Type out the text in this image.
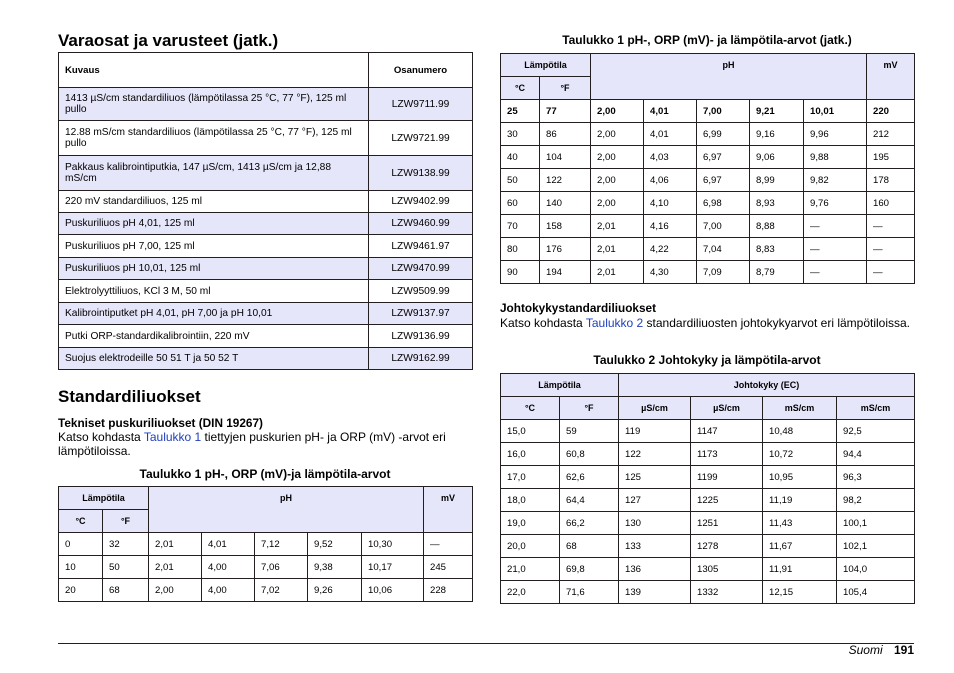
Varaosat ja varusteet (jatk.)
Kuvaus	Osanumero
1413 µS/cm standardiliuos (lämpötilassa 25 °C, 77 °F), 125 ml pullo	LZW9711.99
12.88 mS/cm standardiliuos (lämpötilassa 25 °C, 77 °F), 125 ml pullo	LZW9721.99
Pakkaus kalibrointiputkia, 147 µS/cm, 1413 µS/cm ja 12,88 mS/cm	LZW9138.99
220 mV standardiliuos, 125 ml	LZW9402.99
Puskuriliuos pH 4,01, 125 ml	LZW9460.99
Puskuriliuos pH 7,00, 125 ml	LZW9461.97
Puskuriliuos pH 10,01, 125 ml	LZW9470.99
Elektrolyyttiliuos, KCl 3 M, 50 ml	LZW9509.99
Kalibrointiputket pH 4,01, pH 7,00 ja pH 10,01	LZW9137.97
Putki ORP-standardikalibrointiin, 220 mV	LZW9136.99
Suojus elektrodeille 50 51 T ja 50 52 T	LZW9162.99
Standardiliuokset
Tekniset puskuriliuokset (DIN 19267)
Katso kohdasta Taulukko 1 tiettyjen puskurien pH- ja ORP (mV) -arvot eri lämpötiloissa.
Taulukko 1 pH-, ORP (mV)-ja lämpötila-arvot
Lämpötila		pH					mV
°C	°F						
0	32	2,01	4,01	7,12	9,52	10,30	—
10	50	2,01	4,00	7,06	9,38	10,17	245
20	68	2,00	4,00	7,02	9,26	10,06	228
Taulukko 1 pH-, ORP (mV)- ja lämpötila-arvot (jatk.)
Lämpötila		pH					mV
°C	°F						
25	77	2,00	4,01	7,00	9,21	10,01	220
30	86	2,00	4,01	6,99	9,16	9,96	212
40	104	2,00	4,03	6,97	9,06	9,88	195
50	122	2,00	4,06	6,97	8,99	9,82	178
60	140	2,00	4,10	6,98	8,93	9,76	160
70	158	2,01	4,16	7,00	8,88	—	—
80	176	2,01	4,22	7,04	8,83	—	—
90	194	2,01	4,30	7,09	8,79	—	—
Johtokykystandardiliuokset
Katso kohdasta Taulukko 2 standardiliuosten johtokykyarvot eri lämpötiloissa.
Taulukko 2 Johtokyky ja lämpötila-arvot
Lämpötila		Johtokyky (EC)			
°C	°F	µS/cm	µS/cm	mS/cm	mS/cm
15,0	59	119	1147	10,48	92,5
16,0	60,8	122	1173	10,72	94,4
17,0	62,6	125	1199	10,95	96,3
18,0	64,4	127	1225	11,19	98,2
19,0	66,2	130	1251	11,43	100,1
20,0	68	133	1278	11,67	102,1
21,0	69,8	136	1305	11,91	104,0
22,0	71,6	139	1332	12,15	105,4
Suomi 191
